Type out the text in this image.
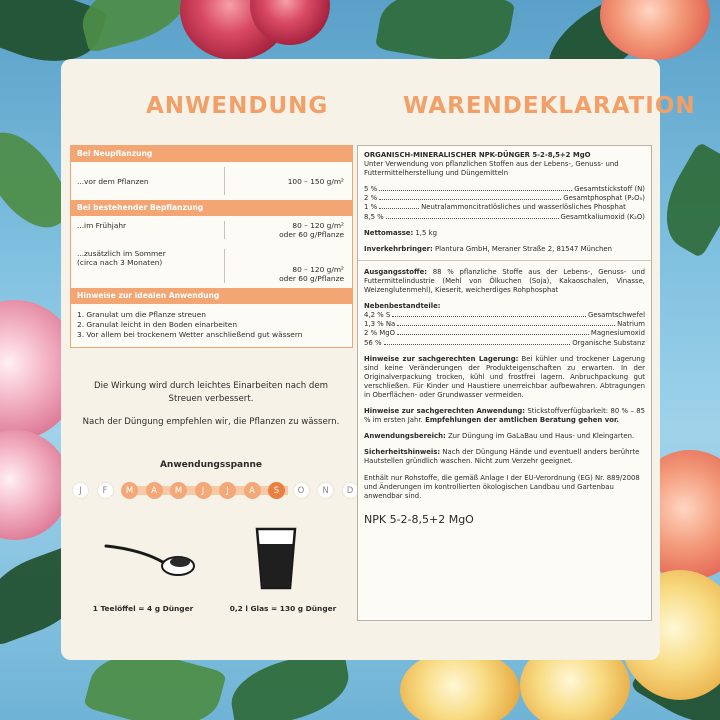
ANWENDUNG	WARENDEKLARATION
Bei Neupflanzung
...vor dem Pflanzen	100 – 150 g/m²
Bei bestehender Bepflanzung
...im Frühjahr	80 – 120 g/m²
oder 60 g/Pflanze
...zusätzlich im Sommer
(circa nach 3 Monaten)
80 – 120 g/m²
oder 60 g/Pflanze
Hinweise zur idealen Anwendung
1. Granulat um die Pflanze streuen
2. Granulat leicht in den Boden einarbeiten
3. Vor allem bei trockenem Wetter anschließend gut wässern
Die Wirkung wird durch leichtes Einarbeiten nach dem
Streuen verbessert.
Nach der Düngung empfehlen wir, die Pflanzen zu wässern.
Anwendungsspanne
J	F	M	A	M	J	J	A	S	O	N	D
1 Teelöffel = 4 g Dünger	0,2 l Glas = 130 g Dünger
ORGANISCH-MINERALISCHER NPK-DÜNGER 5-2-8,5+2 MgO
Unter Verwendung von pflanzlichen Stoffen aus der Lebens-, Genuss- und Futtermittelherstellung und Düngemitteln
5 %	Gesamtstickstoff (N)
2 %	Gesamtphosphat (P₂O₅)
1 %	Neutralammoncitratlösliches und wasserlösliches Phosphat
8,5 %	Gesamtkaliumoxid (K₂O)
Nettomasse: 1,5 kg
Inverkehrbringer: Plantura GmbH, Meraner Straße 2, 81547 München
Ausgangsstoffe: 88 % pflanzliche Stoffe aus der Lebens-, Genuss- und Futtermittelindustrie (Mehl von Ölkuchen (Soja), Kakaoschalen, Vinasse, Weizenglutenmehl), Kieserit, weicherdiges Rohphosphat
Nebenbestandteile:
4,2 % S	Gesamtschwefel
1,3 % Na	Natrium
2 % MgO	Magnesiumoxid
56 %	Organische Substanz
Hinweise zur sachgerechten Lagerung: Bei kühler und trockener Lagerung sind keine Veränderungen der Produkteigenschaften zu erwarten. In der Originalverpackung trocken, kühl und frostfrei lagern. Anbruchpackung gut verschließen. Für Kinder und Haustiere unerreichbar aufbewahren. Abtragungen in Oberflächen- oder Grundwasser vermeiden.
Hinweise zur sachgerechten Anwendung: Stickstoffverfügbarkeit: 80 % – 85 % im ersten Jahr. Empfehlungen der amtlichen Beratung gehen vor.
Anwendungsbereich: Zur Düngung im GaLaBau und Haus- und Kleingarten.
Sicherheitshinweis: Nach der Düngung Hände und eventuell anders berührte Hautstellen gründlich waschen. Nicht zum Verzehr geeignet.
Enthält nur Rohstoffe, die gemäß Anlage I der EU-Verordnung (EG) Nr. 889/2008 und Änderungen im kontrollierten ökologischen Landbau und Gartenbau anwendbar sind.
NPK 5-2-8,5+2 MgO
